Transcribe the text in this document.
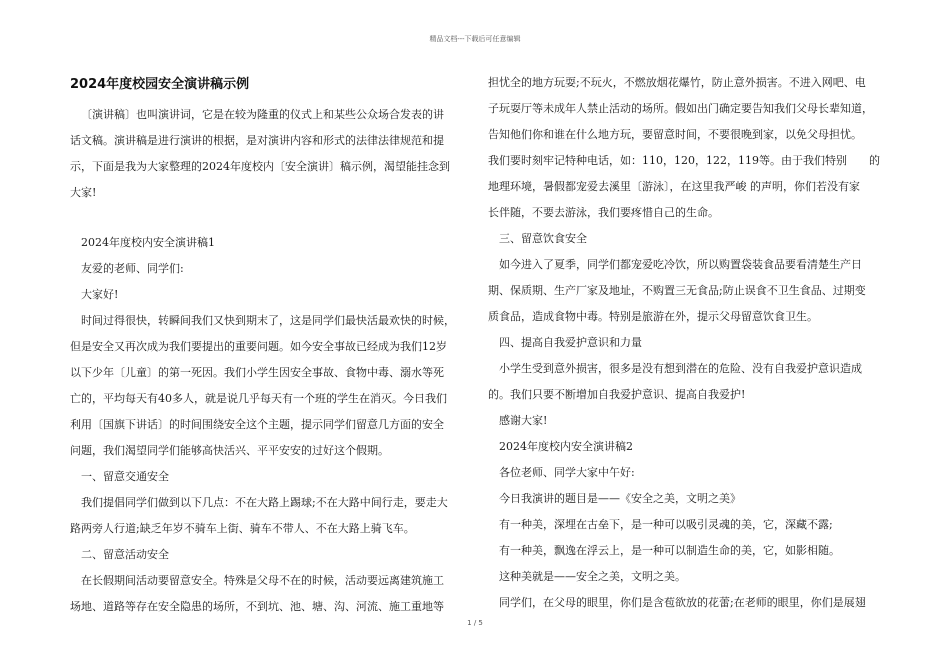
精品文档---下载后可任意编辑
2024年度校园安全演讲稿示例

〔演讲稿〕也叫演讲词，它是在较为隆重的仪式上和某些公众场合发表的讲

话文稿。演讲稿是进行演讲的根据，是对演讲内容和形式的法律法律规范和提

示，下面是我为大家整理的2024年度校内〔安全演讲〕稿示例，渴望能挂念到

大家!

2024年度校内安全演讲稿1

友爱的老师、同学们:

大家好!

时间过得很快，转瞬间我们又快到期末了，这是同学们最快活最欢快的时候，

但是安全又再次成为我们要提出的重要问题。如今安全事故已经成为我们12岁

以下少年〔儿童〕的第一死因。我们小学生因安全事故、食物中毒、溺水等死

亡的，平均每天有40多人，就是说几乎每天有一个班的学生在消灭。今日我们

利用〔国旗下讲话〕的时间围绕安全这个主题，提示同学们留意几方面的安全

问题，我们渴望同学们能够高快活兴、平平安安的过好这个假期。

一、留意交通安全

我们提倡同学们做到以下几点：不在大路上踢球;不在大路中间行走，要走大

路两旁人行道;缺乏年岁不骑车上街、骑车不带人、不在大路上骑飞车。

二、留意活动安全

在长假期间活动要留意安全。特殊是父母不在的时候，活动要远离建筑施工

场地、道路等存在安全隐患的场所，不到坑、池、塘、沟、河流、施工重地等

担忧全的地方玩耍;不玩火，不燃放烟花爆竹，防止意外损害。不进入网吧、电

子玩耍厅等未成年人禁止活动的场所。假如出门确定要告知我们父母长辈知道，

告知他们你和谁在什么地方玩，要留意时间，不要很晚到家，以免父母担忧。

我们要时刻牢记特种电话，如：110，120，122，119等。由于我们特别　　的

地理环境，暑假都宠爱去溪里〔游泳〕，在这里我严峻 的声明，你们若没有家

长伴随，不要去游泳，我们要疼惜自己的生命。

三、留意饮食安全

如今进入了夏季，同学们都宠爱吃冷饮，所以购置袋装食品要看清楚生产日

期、保质期、生产厂家及地址，不购置三无食品;防止误食不卫生食品、过期变

质食品，造成食物中毒。特别是旅游在外，提示父母留意饮食卫生。

四、提高自我爱护意识和力量

小学生受到意外损害，很多是没有想到潜在的危险、没有自我爱护意识造成

的。我们只要不断增加自我爱护意识、提高自我爱护!

感谢大家!

2024年度校内安全演讲稿2

各位老师、同学大家中午好:

今日我演讲的题目是——《安全之美，文明之美》

有一种美，深埋在古垒下，是一种可以吸引灵魂的美，它，深藏不露;

有一种美，飘逸在浮云上，是一种可以制造生命的美，它，如影相随。

这种美就是——安全之美，文明之美。

同学们，在父母的眼里，你们是含苞欲放的花蕾;在老师的眼里，你们是展翅

1 / 5
